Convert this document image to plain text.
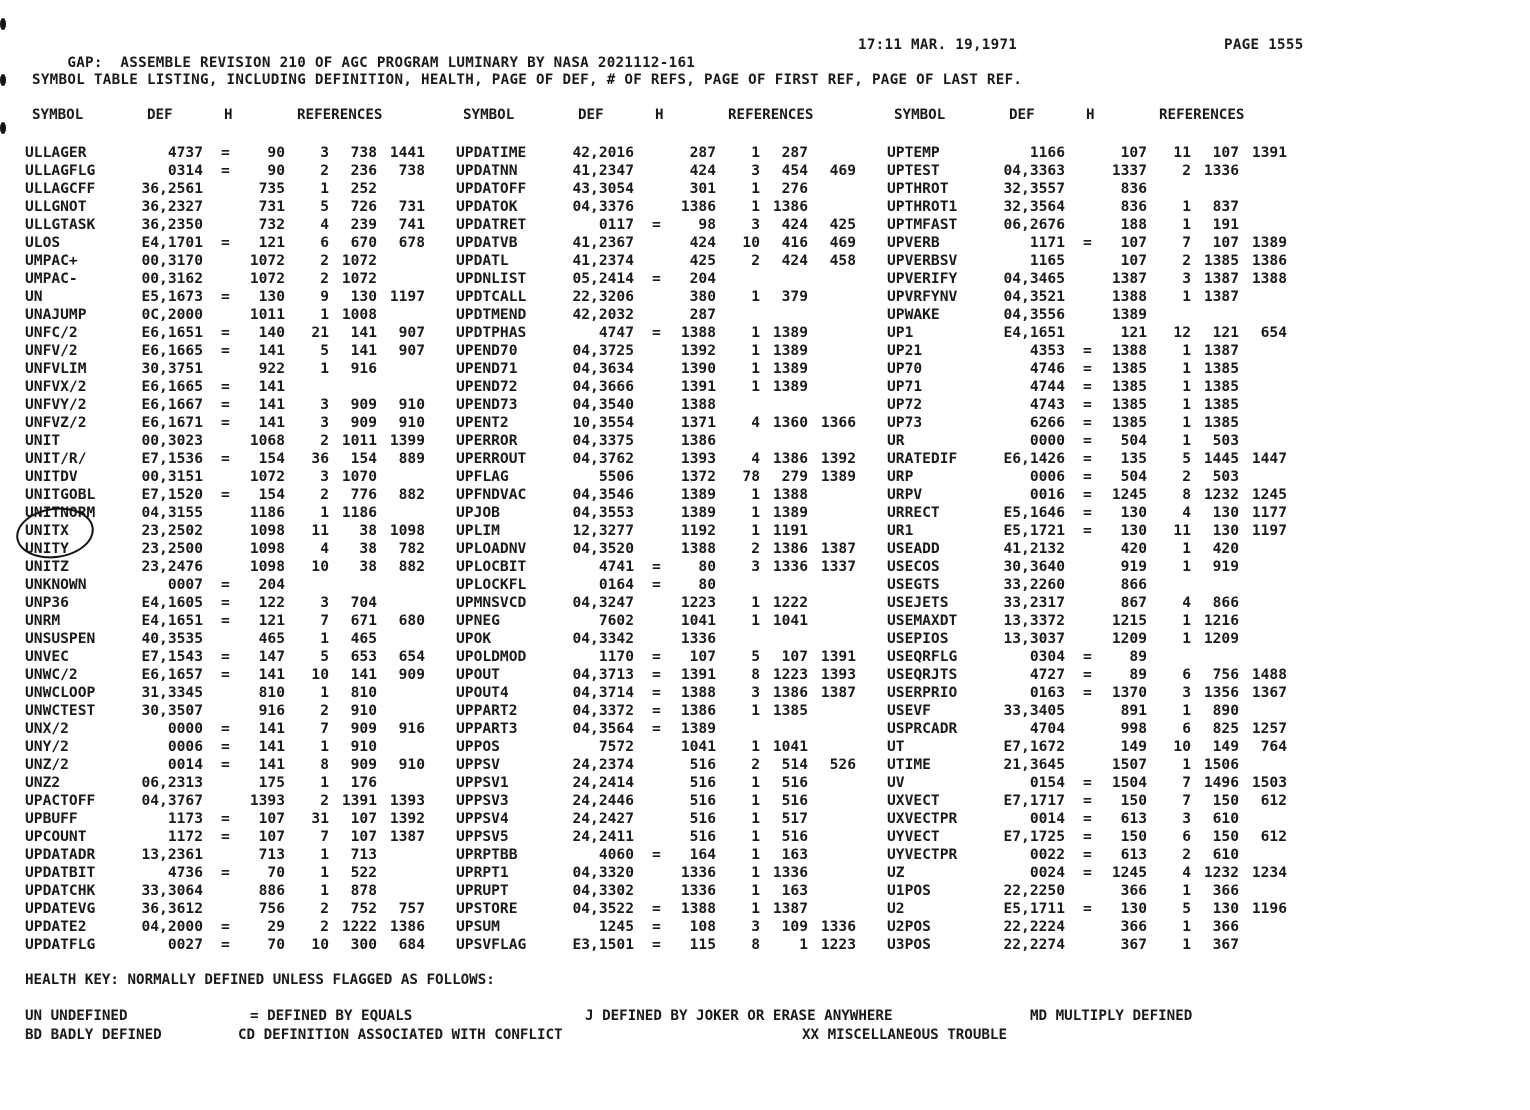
GAP:  ASSEMBLE REVISION 210 OF AGC PROGRAM LUMINARY BY NASA 2021112-161

17:11 MAR. 19,1971

	PAGE 1555

SYMBOL TABLE LISTING, INCLUDING DEFINITION, HEALTH, PAGE OF DEF, # OF REFS, PAGE OF FIRST REF, PAGE OF LAST REF.
SYMBOL	DEF	H	REFERENCES	SYMBOL	DEF	H	REFERENCES	SYMBOL	DEF	H	REFERENCES
ULLAGER	4737 =	90	3	738 1441
ULLAGFLG	0314 =	90	2	236	738
ULLAGCFF	36,2561	735	1	252
ULLGNOT	36,2327	731	5	726	731
ULLGTASK	36,2350	732	4	239	741
ULOS	E4,1701 =	121	6	670	678
UMPAC+	00,3170	1072	2 1072
UMPAC-	00,3162	1072	2 1072
UN	E5,1673 =	130	9	130 1197
UNAJUMP	0C,2000	1011	1 1008
UNFC/2	E6,1651 =	140	21	141	907
UNFV/2	E6,1665 =	141	5	141	907
UNFVLIM	30,3751	922	1	916
UNFVX/2	E6,1665 =	141
UNFVY/2	E6,1667 =	141	3	909	910
UNFVZ/2	E6,1671 =	141	3	909	910
UNIT	00,3023	1068	2 1011 1399
UNIT/R/	E7,1536 =	154	36	154	889
UNITDV	00,3151	1072	3 1070
UNITGOBL	E7,1520 =	154	2	776	882
UNITNORM	04,3155	1186	1 1186
UNITX	23,2502	1098	11	38 1098
UNITY	23,2500	1098	4	38	782
UNITZ	23,2476	1098	10	38	882
UNKNOWN	0007 =	204
UNP36	E4,1605 =	122	3	704
UNRM	E4,1651 =	121	7	671	680
UNSUSPEN	40,3535	465	1	465
UNVEC	E7,1543 =	147	5	653	654
UNWC/2	E6,1657 =	141	10	141	909
UNWCLOOP	31,3345	810	1	810
UNWCTEST	30,3507	916	2	910
UNX/2	0000 =	141	7	909	916
UNY/2	0006 =	141	1	910
UNZ/2	0014 =	141	8	909	910
UNZ2	06,2313	175	1	176
UPACTOFF	04,3767	1393	2 1391 1393
UPBUFF	1173 =	107	31	107 1392
UPCOUNT	1172 =	107	7	107 1387
UPDATADR	13,2361	713	1	713
UPDATBIT	4736 =	70	1	522
UPDATCHK	33,3064	886	1	878
UPDATEVG	36,3612	756	2	752	757
UPDATE2	04,2000 =	29	2 1222 1386
UPDATFLG	0027 =	70	10	300	684
UPDATIME	42,2016	287	1	287
UPDATNN	41,2347	424	3	454	469
UPDATOFF	43,3054	301	1	276
UPDATOK	04,3376	1386	1 1386
UPDATRET	0117 =	98	3	424	425
UPDATVB	41,2367	424	10	416	469
UPDATL	41,2374	425	2	424	458
UPDNLIST	05,2414 =	204
UPDTCALL	22,3206	380	1	379
UPDTMEND	42,2032	287
UPDTPHAS	4747 =	1388	1 1389
UPEND70	04,3725	1392	1 1389
UPEND71	04,3634	1390	1 1389
UPEND72	04,3666	1391	1 1389
UPEND73	04,3540	1388
UPENT2	10,3554	1371	4 1360 1366
UPERROR	04,3375	1386
UPERROUT	04,3762	1393	4 1386 1392
UPFLAG	5506	1372	78	279 1389
UPFNDVAC	04,3546	1389	1 1388
UPJOB	04,3553	1389	1 1389
UPLIM	12,3277	1192	1 1191
UPLOADNV	04,3520	1388	2 1386 1387
UPLOCBIT	4741 =	80	3 1336 1337
UPLOCKFL	0164 =	80
UPMNSVCD	04,3247	1223	1 1222
UPNEG	7602	1041	1 1041
UPOK	04,3342	1336
UPOLDMOD	1170 =	107	5	107 1391
UPOUT	04,3713 =	1391	8 1223 1393
UPOUT4	04,3714 =	1388	3 1386 1387
UPPART2	04,3372 =	1386	1 1385
UPPART3	04,3564 =	1389
UPPOS	7572	1041	1 1041
UPPSV	24,2374	516	2	514	526
UPPSV1	24,2414	516	1	516
UPPSV3	24,2446	516	1	516
UPPSV4	24,2427	516	1	517
UPPSV5	24,2411	516	1	516
UPRPTBB	4060 =	164	1	163
UPRPT1	04,3320	1336	1 1336
UPRUPT	04,3302	1336	1	163
UPSTORE	04,3522 =	1388	1 1387
UPSUM	1245 =	108	3	109 1336
UPSVFLAG	E3,1501 =	115	8	1 1223
UPTEMP	1166	107	11	107 1391
UPTEST	04,3363	1337	2 1336
UPTHROT	32,3557	836
UPTHROT1	32,3564	836	1	837
UPTMFAST	06,2676	188	1	191
UPVERB	1171 =	107	7	107 1389
UPVERBSV	1165	107	2 1385 1386
UPVERIFY	04,3465	1387	3 1387 1388
UPVRFYNV	04,3521	1388	1 1387
UPWAKE	04,3556	1389
UP1	E4,1651	121	12	121	654
UP21	4353 =	1388	1 1387
UP70	4746 =	1385	1 1385
UP71	4744 =	1385	1 1385
UP72	4743 =	1385	1 1385
UP73	6266 =	1385	1 1385
UR	0000 =	504	1	503
URATEDIF	E6,1426 =	135	5 1445 1447
URP	0006 =	504	2	503
URPV	0016 =	1245	8 1232 1245
URRECT	E5,1646 =	130	4	130 1177
UR1	E5,1721 =	130	11	130 1197
USEADD	41,2132	420	1	420
USECOS	30,3640	919	1	919
USEGTS	33,2260	866
USEJETS	33,2317	867	4	866
USEMAXDT	13,3372	1215	1 1216
USEPIOS	13,3037	1209	1 1209
USEQRFLG	0304 =	89
USEQRJTS	4727 =	89	6	756 1488
USERPRIO	0163 =	1370	3 1356 1367
USEVF	33,3405	891	1	890
USPRCADR	4704	998	6	825 1257
UT	E7,1672	149	10	149	764
UTIME	21,3645	1507	1 1506
UV	0154 =	1504	7 1496 1503
UXVECT	E7,1717 =	150	7	150	612
UXVECTPR	0014 =	613	3	610
UYVECT	E7,1725 =	150	6	150	612
UYVECTPR	0022 =	613	2	610
UZ	0024 =	1245	4 1232 1234
U1POS	22,2250	366	1	366
U2	E5,1711 =	130	5	130 1196
U2POS	22,2224	366	1	366
U3POS	22,2274	367	1	367
HEALTH KEY: NORMALLY DEFINED UNLESS FLAGGED AS FOLLOWS:
UN UNDEFINED	= DEFINED BY EQUALS	J DEFINED BY JOKER OR ERASE ANYWHERE	MD MULTIPLY DEFINED
BD BADLY DEFINED	CD DEFINITION ASSOCIATED WITH CONFLICT	XX MISCELLANEOUS TROUBLE
